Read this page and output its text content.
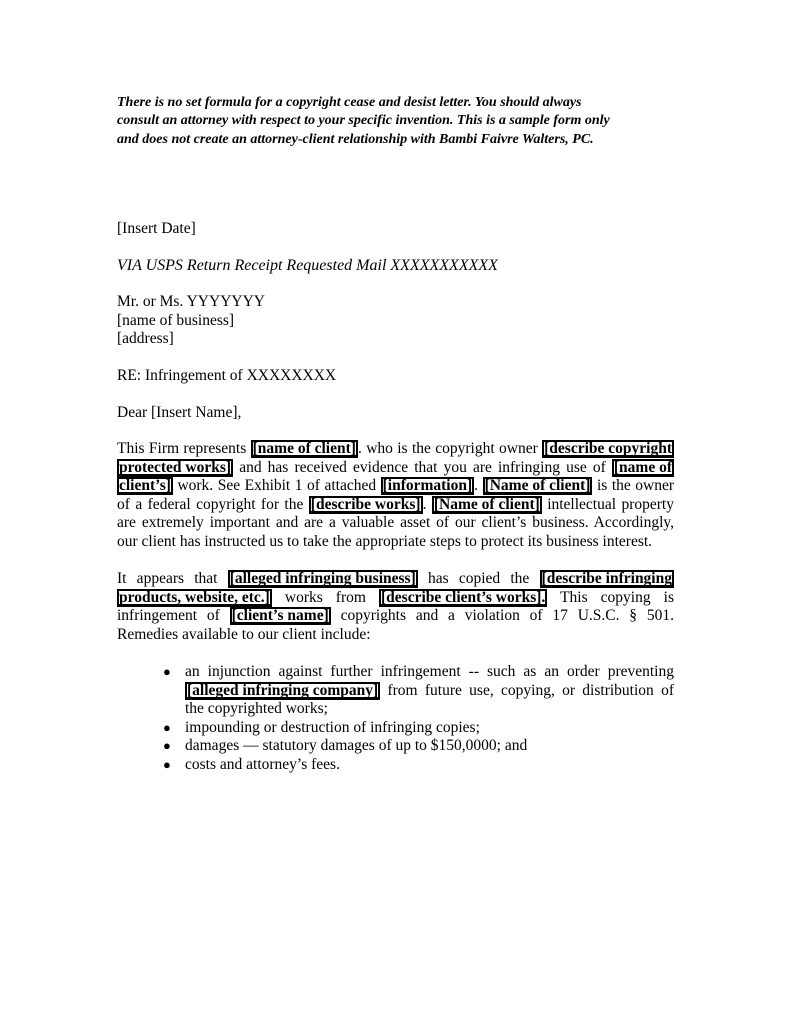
There is no set formula for a copyright cease and desist letter. You should always
consult an attorney with respect to your specific invention. This is a sample form only
and does not create an attorney-client relationship with Bambi Faivre Walters, PC.
[Insert Date]
VIA USPS Return Receipt Requested Mail XXXXXXXXXXX
Mr. or Ms. YYYYYYY
[name of business]
[address]
RE: Infringement of XXXXXXXX
Dear [Insert Name],
This Firm represents [name of client] . who is the copyright owner [describe copyright
protected works] and has received evidence that you are infringing use of [name of
client’s] work. See Exhibit 1 of attached [information] . [Name of client] is the owner
of a federal copyright for the [describe works] . [Name of client] intellectual property
are extremely important and are a valuable asset of our client’s business. Accordingly,
our client has instructed us to take the appropriate steps to protect its business interest.
It appears that [alleged infringing business] has copied the [describe infringing
products, website, etc.] works from [describe client’s works]. This copying is
infringement of [client’s name] copyrights and a violation of 17 U.S.C. § 501.
Remedies available to our client include:
● an injunction against further infringement -- such as an order preventing
[alleged infringing company] from future use, copying, or distribution of
the copyrighted works;
● impounding or destruction of infringing copies;
● damages — statutory damages of up to $150,0000; and
● costs and attorney’s fees.
